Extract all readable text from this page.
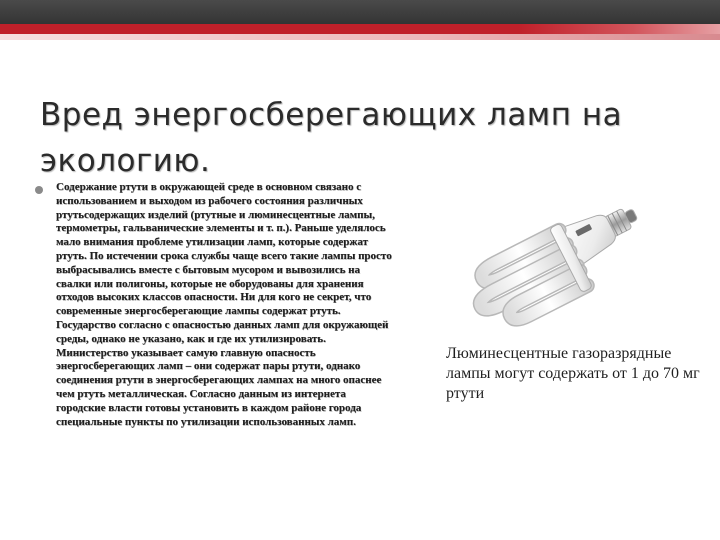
Вред энергосберегающих ламп на экологию.

Содержание ртути в окружающей среде в основном связано с использованием и выходом из рабочего состояния различных ртутьсодержащих изделий (ртутные и люминесцентные лампы, термометры, гальванические элементы и т. п.). Раньше уделялось мало внимания проблеме утилизации ламп, которые содержат ртуть. По истечении срока службы чаще всего такие лампы просто выбрасывались вместе с бытовым мусором и вывозились на свалки или полигоны, которые не оборудованы для хранения отходов высоких классов опасности. Ни для кого не секрет, что современные энергосберегающие лампы содержат ртуть. Государство согласно с опасностью данных ламп для окружающей среды, однако не указано, как и где их утилизировать. Министерство указывает самую главную опасность энергосберегающих ламп – они содержат пары ртути, однако соединения ртути в энергосберегающих лампах на много опаснее чем ртуть металлическая. Согласно данным из интернета городские власти готовы установить в каждом районе города специальные пункты по утилизации использованных ламп.

Люминесцентные газоразрядные лампы могут содержать от 1 до 70 мг ртути
